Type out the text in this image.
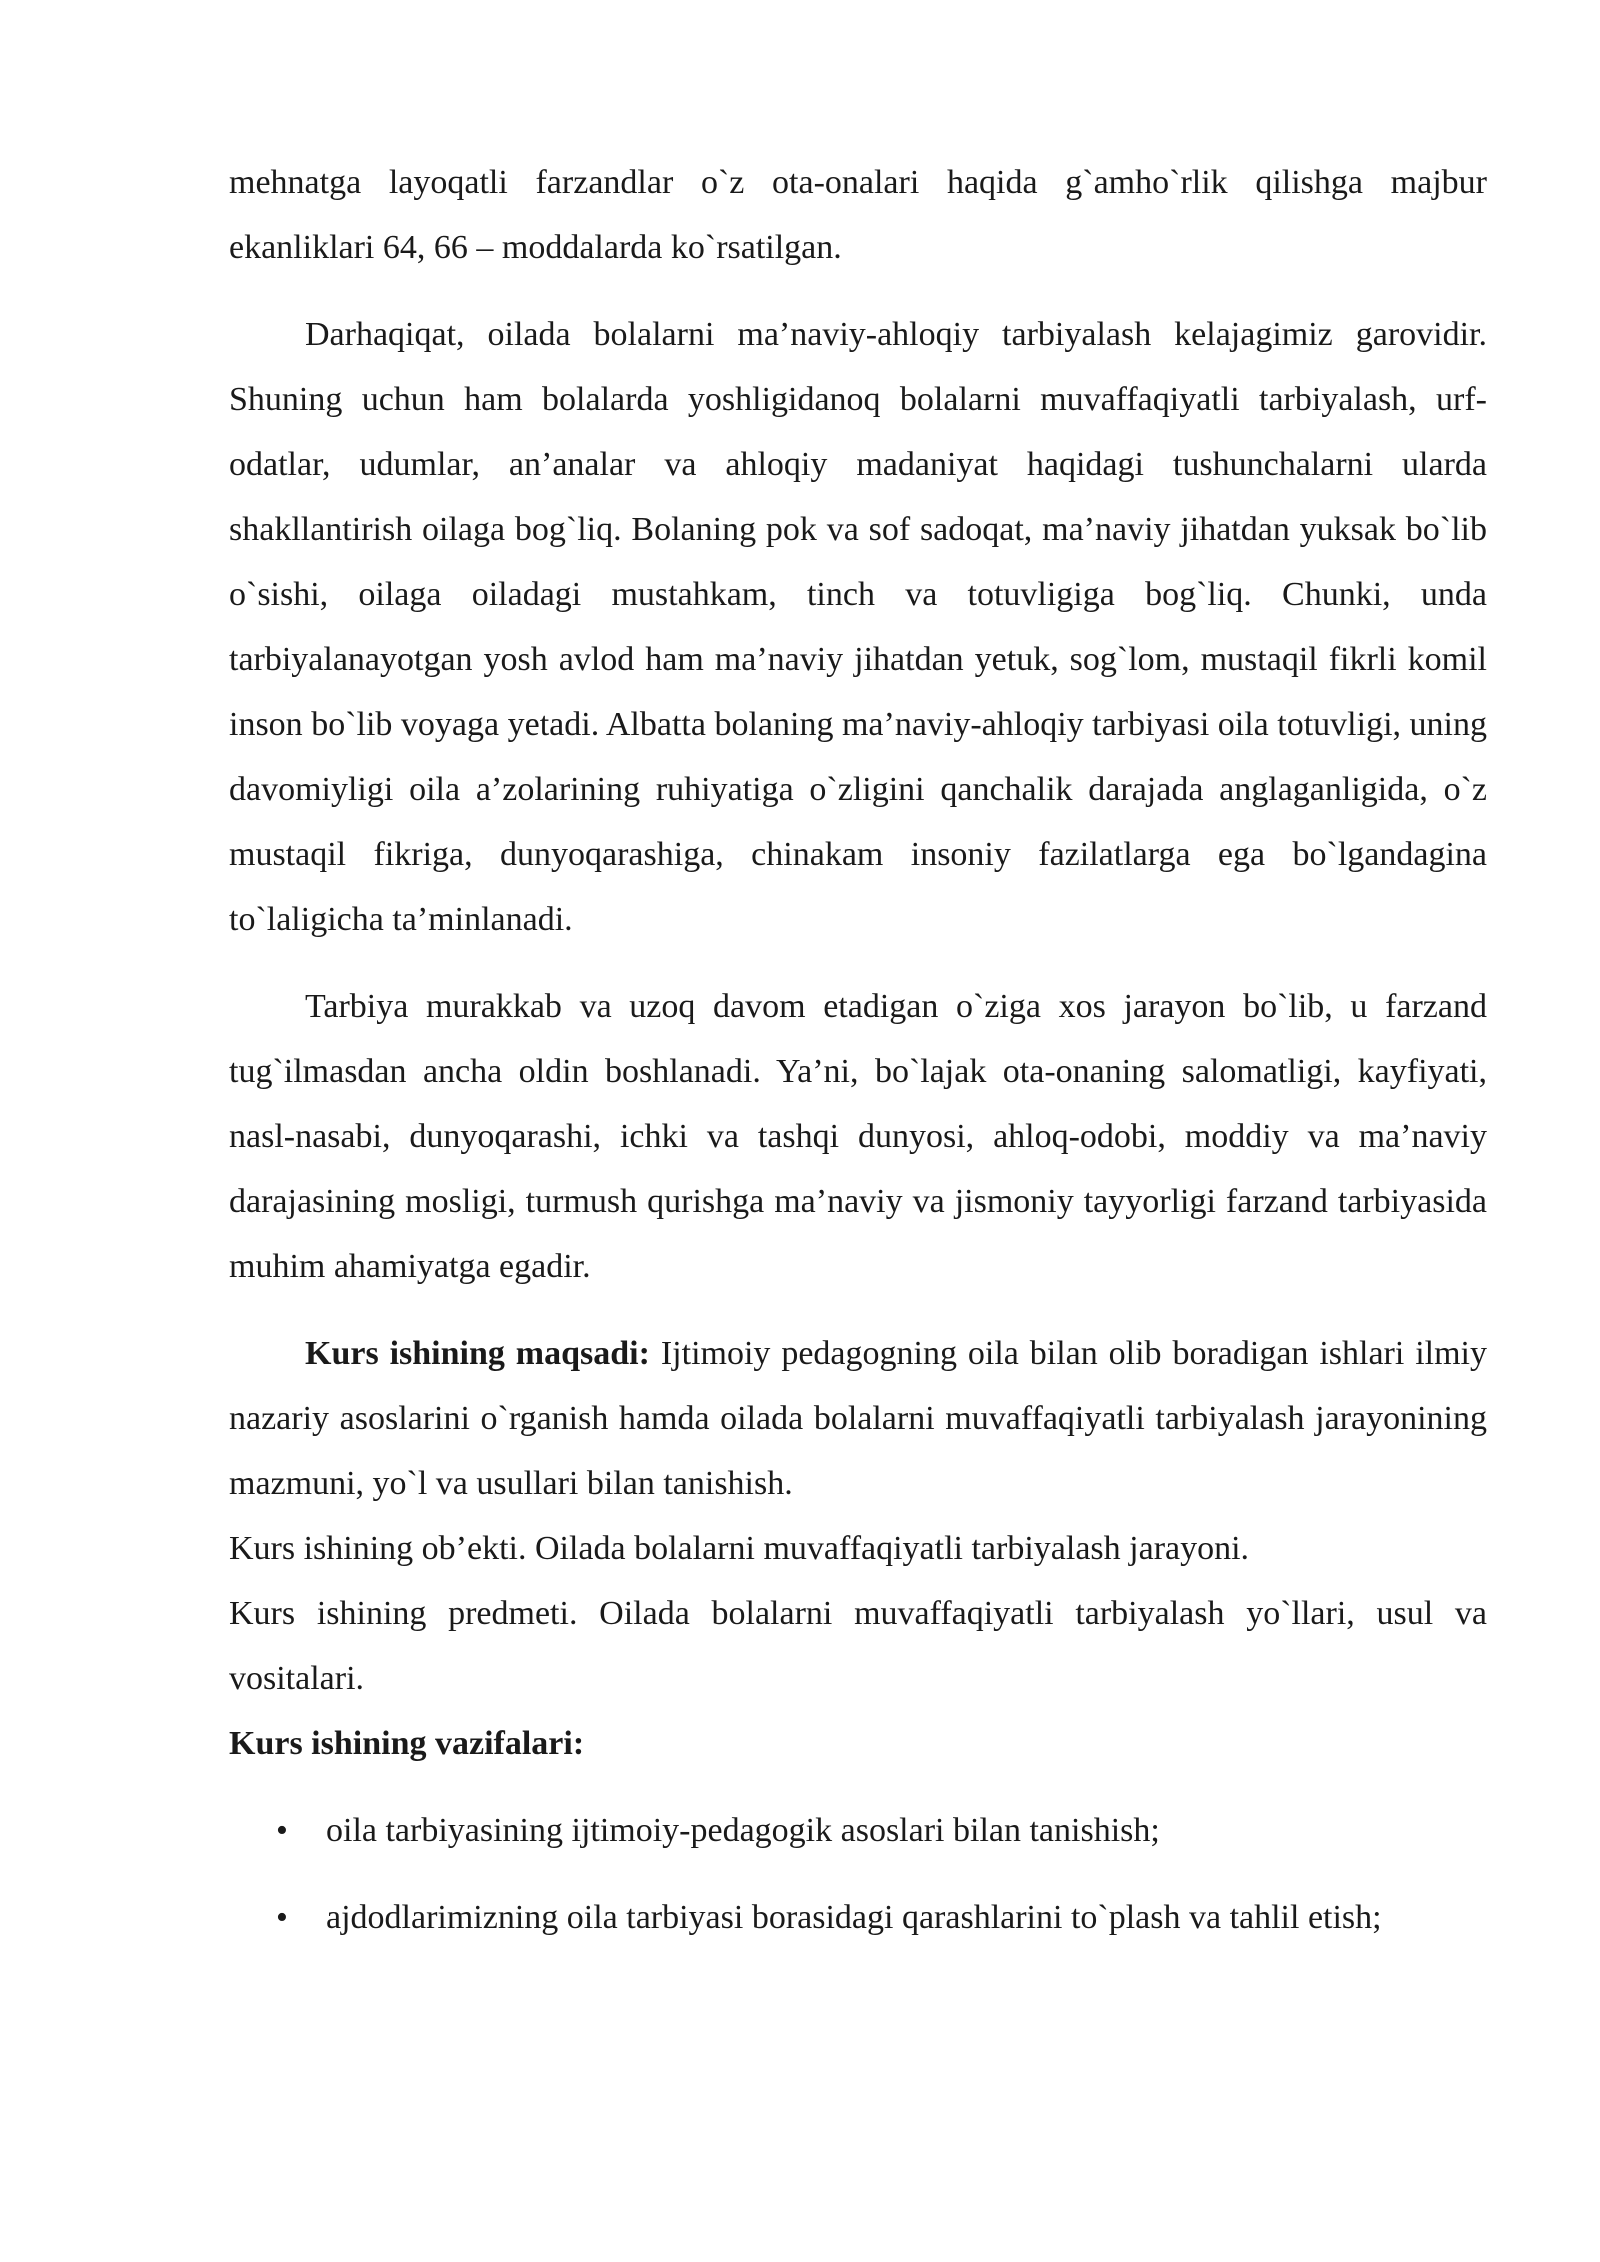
mehnatga layoqatli farzandlar o`z ota-onalari haqida g`amho`rlik qilishga majbur ekanliklari 64, 66 – moddalarda ko`rsatilgan.

Darhaqiqat, oilada bolalarni ma’naviy-ahloqiy tarbiyalash kelajagimiz garovidir. Shuning uchun ham bolalarda yoshligidanoq bolalarni muvaffaqiyatli tarbiyalash, urf-odatlar, udumlar, an’analar va ahloqiy madaniyat haqidagi tushunchalarni ularda shakllantirish oilaga bog`liq. Bolaning pok va sof sadoqat, ma’naviy jihatdan yuksak bo`lib o`sishi, oilaga oiladagi mustahkam, tinch va totuvligiga bog`liq. Chunki, unda tarbiyalanayotgan yosh avlod ham ma’naviy jihatdan yetuk, sog`lom, mustaqil fikrli komil inson bo`lib voyaga yetadi. Albatta bolaning ma’naviy-ahloqiy tarbiyasi oila totuvligi, uning davomiyligi oila a’zolarining ruhiyatiga o`zligini qanchalik darajada anglaganligida, o`z mustaqil fikriga, dunyoqarashiga, chinakam insoniy fazilatlarga ega bo`lgandagina to`laligicha ta’minlanadi.

Tarbiya murakkab va uzoq davom etadigan o`ziga xos jarayon bo`lib, u farzand tug`ilmasdan ancha oldin boshlanadi. Ya’ni, bo`lajak ota-onaning salomatligi, kayfiyati, nasl-nasabi, dunyoqarashi, ichki va tashqi dunyosi, ahloq-odobi, moddiy va ma’naviy darajasining mosligi, turmush qurishga ma’naviy va jismoniy tayyorligi farzand tarbiyasida muhim ahamiyatga egadir.

Kurs ishining maqsadi: Ijtimoiy pedagogning oila bilan olib boradigan ishlari ilmiy nazariy asoslarini o`rganish hamda oilada bolalarni muvaffaqiyatli tarbiyalash jarayonining mazmuni, yo`l va usullari bilan tanishish.

Kurs ishining ob’ekti. Oilada bolalarni muvaffaqiyatli tarbiyalash jarayoni.

Kurs ishining predmeti. Oilada bolalarni muvaffaqiyatli tarbiyalash yo`llari, usul va vositalari.

Kurs ishining vazifalari:
• oila tarbiyasining ijtimoiy-pedagogik asoslari bilan tanishish;
• ajdodlarimizning oila tarbiyasi borasidagi qarashlarini to`plash va tahlil etish;
